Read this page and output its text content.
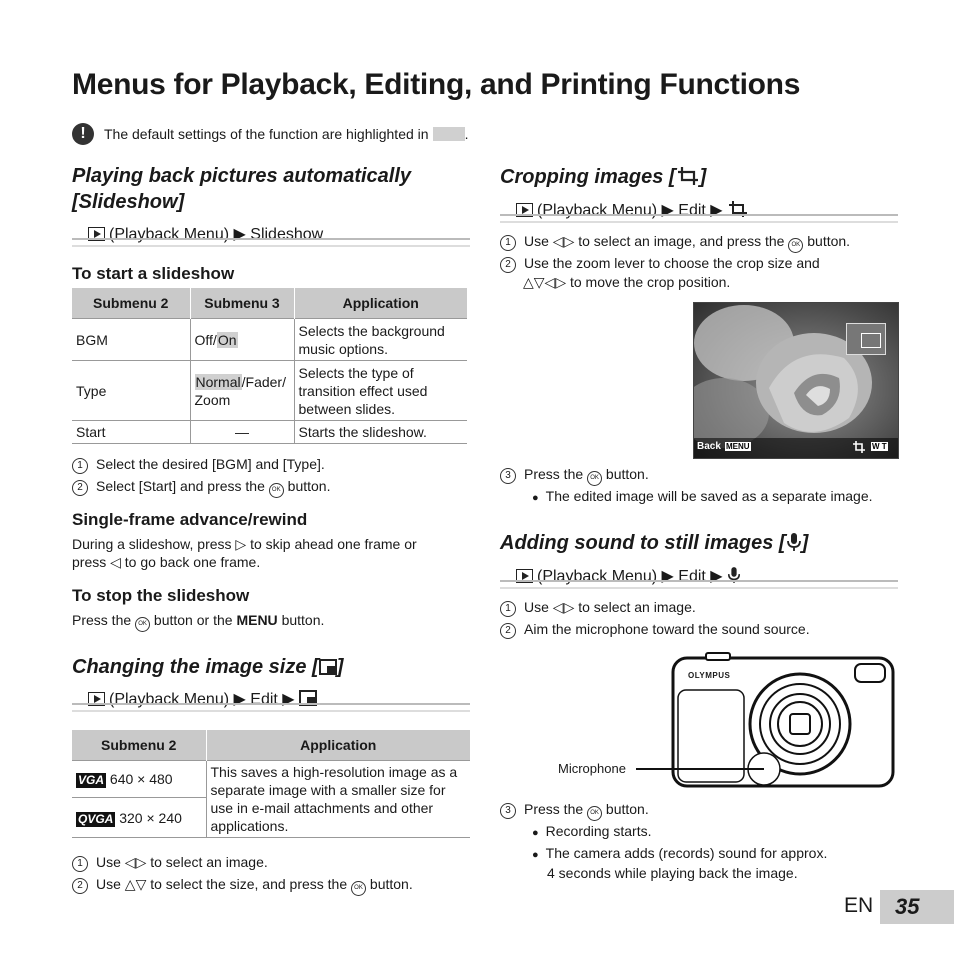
Menus for Playback, Editing, and Printing Functions
!	The default settings of the function are highlighted in	.
Playing back pictures automatically
[Slideshow]
(Playback Menu) ▶ Slideshow
To start a slideshow
Submenu 2	Submenu 3	Application
BGM	Off/On	Selects the background music options.
Type	Normal/Fader/ Zoom	Selects the type of transition effect used between slides.
Start	—	Starts the slideshow.
1 Select the desired [BGM] and [Type].
2 Select [Start] and press the OK button.
Single-frame advance/rewind
During a slideshow, press ▷ to skip ahead one frame or
press ◁ to go back one frame.
To stop the slideshow
Press the OK button or the MENU button.
Changing the image size [ ]
(Playback Menu) ▶ Edit ▶
Submenu 2	Application
VGA 640 × 480	This saves a high-resolution image as a separate image with a smaller size for use in e-mail attachments and other applications.
QVGA 320 × 240	
1 Use ◁▷ to select an image.
2 Use △▽ to select the size, and press the OK button.
Cropping images [ ]
(Playback Menu) ▶ Edit ▶
1 Use ◁▷ to select an image, and press the OK button.
2 Use the zoom lever to choose the crop size and
△▽◁▷ to move the crop position.
Back MENU	W T
3 Press the OK button.
● The edited image will be saved as a separate image.
Adding sound to still images [ ]
(Playback Menu) ▶ Edit ▶
1 Use ◁▷ to select an image.
2 Aim the microphone toward the sound source.
OLYMPUS
Microphone
3 Press the OK button.
● Recording starts.
● The camera adds (records) sound for approx.
4 seconds while playing back the image.
EN 35
